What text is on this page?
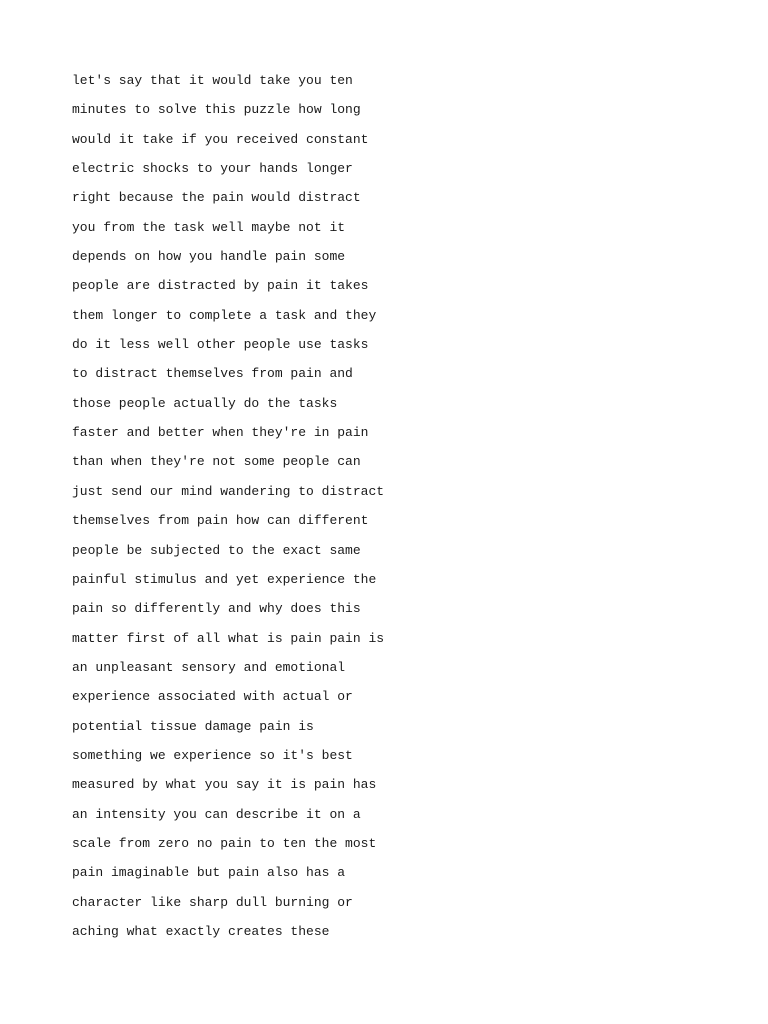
let's say that it would take you ten
minutes to solve this puzzle how long
would it take if you received constant
electric shocks to your hands longer
right because the pain would distract
you from the task well maybe not it
depends on how you handle pain some
people are distracted by pain it takes
them longer to complete a task and they
do it less well other people use tasks
to distract themselves from pain and
those people actually do the tasks
faster and better when they're in pain
than when they're not some people can
just send our mind wandering to distract
themselves from pain how can different
people be subjected to the exact same
painful stimulus and yet experience the
pain so differently and why does this
matter first of all what is pain pain is
an unpleasant sensory and emotional
experience associated with actual or
potential tissue damage pain is
something we experience so it's best
measured by what you say it is pain has
an intensity you can describe it on a
scale from zero no pain to ten the most
pain imaginable but pain also has a
character like sharp dull burning or
aching what exactly creates these
